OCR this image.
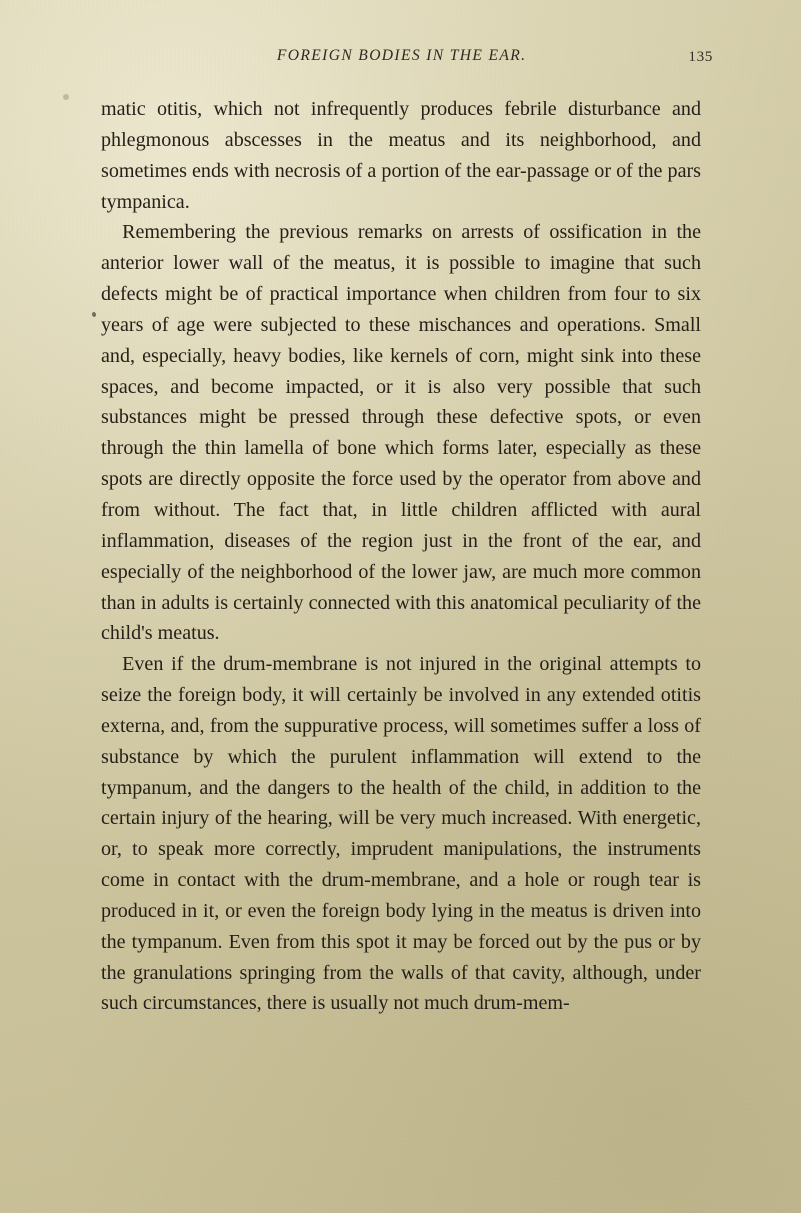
FOREIGN BODIES IN THE EAR.	135

matic otitis, which not infrequently produces febrile disturbance and phlegmonous abscesses in the meatus and its neighborhood, and sometimes ends with necrosis of a portion of the ear-passage or of the pars tympanica.

Remembering the previous remarks on arrests of ossification in the anterior lower wall of the meatus, it is possible to imagine that such defects might be of practical importance when children from four to six years of age were subjected to these mischances and operations. Small and, especially, heavy bodies, like kernels of corn, might sink into these spaces, and become impacted, or it is also very possible that such substances might be pressed through these defective spots, or even through the thin lamella of bone which forms later, especially as these spots are directly opposite the force used by the operator from above and from without. The fact that, in little children afflicted with aural inflammation, diseases of the region just in the front of the ear, and especially of the neighborhood of the lower jaw, are much more common than in adults is certainly connected with this anatomical peculiarity of the child's meatus.

Even if the drum-membrane is not injured in the original attempts to seize the foreign body, it will certainly be involved in any extended otitis externa, and, from the suppurative process, will sometimes suffer a loss of substance by which the purulent inflammation will extend to the tympanum, and the dangers to the health of the child, in addition to the certain injury of the hearing, will be very much increased. With energetic, or, to speak more correctly, imprudent manipulations, the instruments come in contact with the drum-membrane, and a hole or rough tear is produced in it, or even the foreign body lying in the meatus is driven into the tympanum. Even from this spot it may be forced out by the pus or by the granulations springing from the walls of that cavity, although, under such circumstances, there is usually not much drum-mem-
